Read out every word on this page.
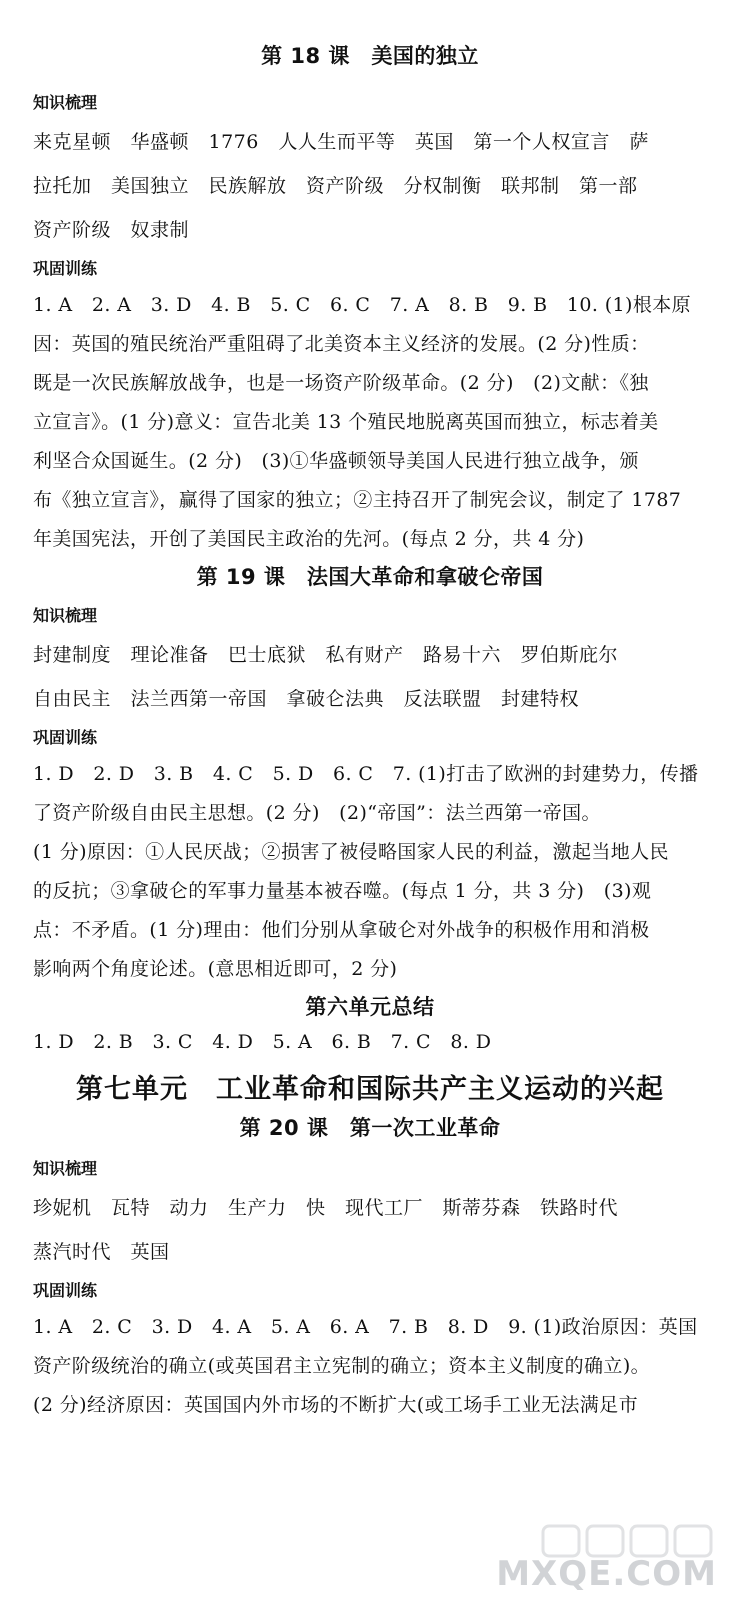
第 18 课　美国的独立

知识梳理

来克星顿　华盛顿　1776　人人生而平等　英国　第一个人权宣言　萨

拉托加　美国独立　民族解放　资产阶级　分权制衡　联邦制　第一部

资产阶级　奴隶制

巩固训练

1. A　2. A　3. D　4. B　5. C　6. C　7. A　8. B　9. B　10. (1)根本原

因：英国的殖民统治严重阻碍了北美资本主义经济的发展。(2 分)性质：

既是一次民族解放战争，也是一场资产阶级革命。(2 分)　(2)文献：《独

立宣言》。(1 分)意义：宣告北美 13 个殖民地脱离英国而独立，标志着美

利坚合众国诞生。(2 分)　(3)①华盛顿领导美国人民进行独立战争，颁

布《独立宣言》，赢得了国家的独立；②主持召开了制宪会议，制定了 1787

年美国宪法，开创了美国民主政治的先河。(每点 2 分，共 4 分)

第 19 课　法国大革命和拿破仑帝国

知识梳理

封建制度　理论准备　巴士底狱　私有财产　路易十六　罗伯斯庇尔

自由民主　法兰西第一帝国　拿破仑法典　反法联盟　封建特权

巩固训练

1. D　2. D　3. B　4. C　5. D　6. C　7. (1)打击了欧洲的封建势力，传播

了资产阶级自由民主思想。(2 分)　(2)“帝国”：法兰西第一帝国。

(1 分)原因：①人民厌战；②损害了被侵略国家人民的利益，激起当地人民

的反抗；③拿破仑的军事力量基本被吞噬。(每点 1 分，共 3 分)　(3)观

点：不矛盾。(1 分)理由：他们分别从拿破仑对外战争的积极作用和消极

影响两个角度论述。(意思相近即可，2 分)

第六单元总结

1. D　2. B　3. C　4. D　5. A　6. B　7. C　8. D

第七单元　工业革命和国际共产主义运动的兴起
第 20 课　第一次工业革命

知识梳理

珍妮机　瓦特　动力　生产力　快　现代工厂　斯蒂芬森　铁路时代

蒸汽时代　英国

巩固训练

1. A　2. C　3. D　4. A　5. A　6. A　7. B　8. D　9. (1)政治原因：英国

资产阶级统治的确立(或英国君主立宪制的确立；资本主义制度的确立)。

(2 分)经济原因：英国国内外市场的不断扩大(或工场手工业无法满足市

MXQE.COM
